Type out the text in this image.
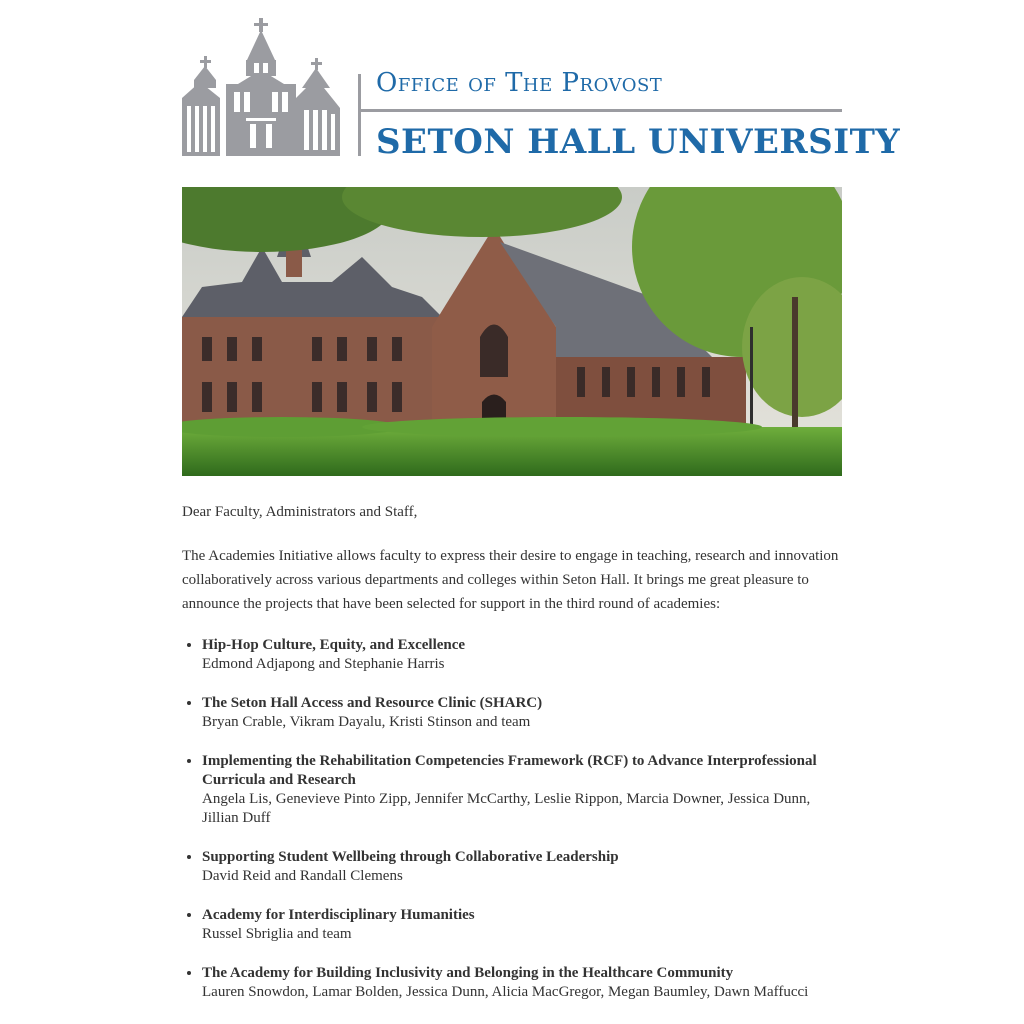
Office of The Provost
SETON HALL UNIVERSITY

Dear Faculty, Administrators and Staff,

The Academies Initiative allows faculty to express their desire to engage in teaching, research and innovation collaboratively across various departments and colleges within Seton Hall. It brings me great pleasure to announce the projects that have been selected for support in the third round of academies:

• Hip-Hop Culture, Equity, and Excellence
Edmond Adjapong and Stephanie Harris
• The Seton Hall Access and Resource Clinic (SHARC)
Bryan Crable, Vikram Dayalu, Kristi Stinson and team
• Implementing the Rehabilitation Competencies Framework (RCF) to Advance Interprofessional Curricula and Research
Angela Lis, Genevieve Pinto Zipp, Jennifer McCarthy, Leslie Rippon, Marcia Downer, Jessica Dunn, Jillian Duff
• Supporting Student Wellbeing through Collaborative Leadership
David Reid and Randall Clemens
• Academy for Interdisciplinary Humanities
Russel Sbriglia and team
• The Academy for Building Inclusivity and Belonging in the Healthcare Community
Lauren Snowdon, Lamar Bolden, Jessica Dunn, Alicia MacGregor, Megan Baumley, Dawn Maffucci
